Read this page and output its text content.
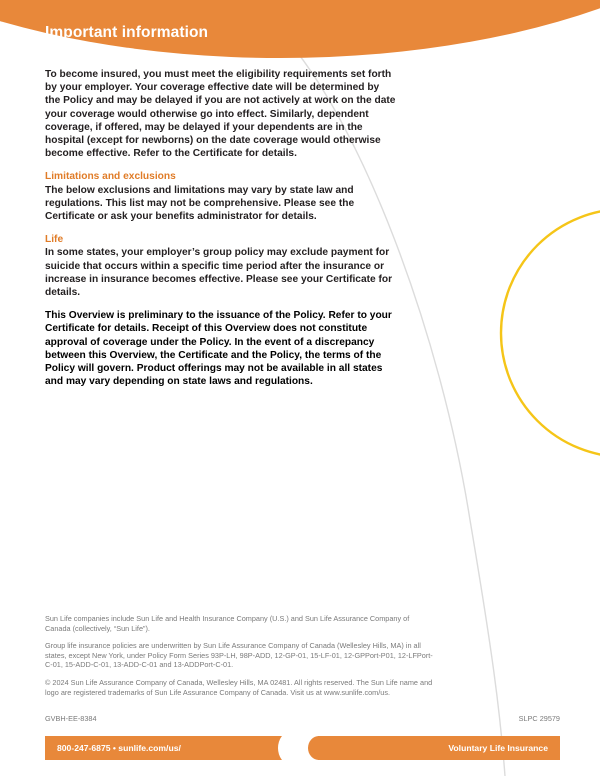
Important information

To become insured, you must meet the eligibility requirements set forth by your employer. Your coverage effective date will be determined by the Policy and may be delayed if you are not actively at work on the date your coverage would otherwise go into effect. Similarly, dependent coverage, if offered, may be delayed if your dependents are in the hospital (except for newborns) on the date coverage would otherwise become effective. Refer to the Certificate for details.

Limitations and exclusions

The below exclusions and limitations may vary by state law and regulations. This list may not be comprehensive. Please see the Certificate or ask your benefits administrator for details.

Life

In some states, your employer’s group policy may exclude payment for suicide that occurs within a specific time period after the insurance or increase in insurance becomes effective. Please see your Certificate for details.

This Overview is preliminary to the issuance of the Policy. Refer to your Certificate for details. Receipt of this Overview does not constitute approval of coverage under the Policy. In the event of a discrepancy between this Overview, the Certificate and the Policy, the terms of the Policy will govern. Product offerings may not be available in all states and may vary depending on state laws and regulations.

Sun Life companies include Sun Life and Health Insurance Company (U.S.) and Sun Life Assurance Company of Canada (collectively, “Sun Life”).

Group life insurance policies are underwritten by Sun Life Assurance Company of Canada (Wellesley Hills, MA) in all states, except New York, under Policy Form Series 93P-LH, 98P-ADD, 12-GP-01, 15-LF-01, 12-GPPort-P01, 12-LFPort-C-01, 15-ADD-C-01, 13-ADD-C-01 and 13-ADDPort-C-01.

© 2024 Sun Life Assurance Company of Canada, Wellesley Hills, MA 02481. All rights reserved. The Sun Life name and logo are registered trademarks of Sun Life Assurance Company of Canada. Visit us at www.sunlife.com/us.

GVBH-EE-8384	SLPC 29579
800-247-6875 • sunlife.com/us/	Voluntary Life Insurance
